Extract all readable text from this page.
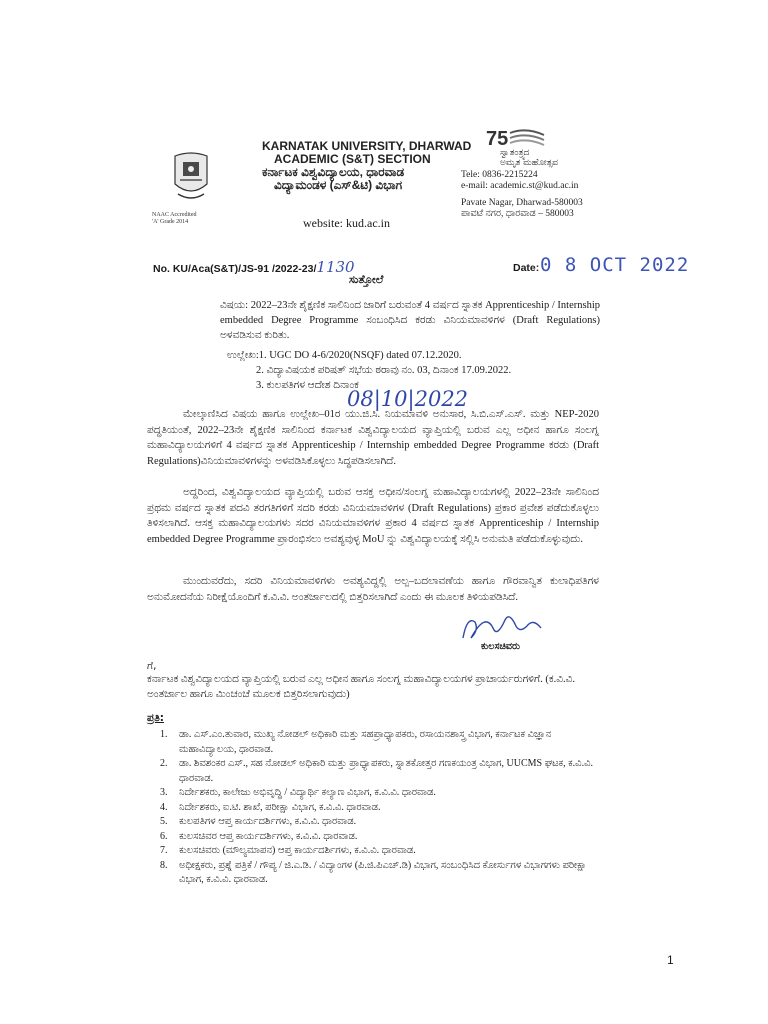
NAAC Accredited
'A' Grade 2014
KARNATAK UNIVERSITY, DHARWAD
ACADEMIC (S&T) SECTION
ಕರ್ನಾಟಕ ವಿಶ್ವವಿದ್ಯಾಲಯ, ಧಾರವಾಡ
ವಿದ್ಯಾಮಂಡಳ (ಎಸ್&ಟಿ) ವಿಭಾಗ
website: kud.ac.in
75
ಸ್ವಾತಂತ್ರ್ಯದ
ಅಮೃತ ಮಹೋತ್ಸವ
Tele: 0836-2215224
e-mail: academic.st@kud.ac.in
Pavate Nagar, Dharwad-580003
ಪಾವಟೆ ನಗರ, ಧಾರವಾಡ – 580003
No. KU/Aca(S&T)/JS-91 /2022-23/1130	Date: 0 8 OCT 2022
ಸುತ್ತೋಲೆ
ವಿಷಯ: 2022–23ನೇ ಶೈಕ್ಷಣಿಕ ಸಾಲಿನಿಂದ ಜಾರಿಗೆ ಬರುವಂತೆ 4 ವರ್ಷದ ಸ್ನಾತಕ Apprenticeship / Internship embedded Degree Programme ಸಂಬಂಧಿಸಿದ ಕರಡು ವಿನಿಯಮಾವಳಿಗಳ (Draft Regulations) ಅಳವಡಿಸುವ ಕುರಿತು.
ಉಲ್ಲೇಖ:1. UGC DO 4-6/2020(NSQF) dated 07.12.2020.
2. ವಿದ್ಯಾವಿಷಯಕ ಪರಿಷತ್ ಸಭೆಯ ಠರಾವು ನಂ. 03, ದಿನಾಂಕ 17.09.2022.
3. ಕುಲಪತಿಗಳ ಆದೇಶ ದಿನಾಂಕ
08|10|2022
ಮೇಲ್ಕಾಣಿಸಿದ ವಿಷಯ ಹಾಗೂ ಉಲ್ಲೇಖ–01ರ ಯು.ಜಿ.ಸಿ. ನಿಯಮಾವಳಿ ಅನುಸಾರ, ಸಿ.ಬಿ.ಎಸ್.ಎಸ್. ಮತ್ತು NEP-2020 ಪದ್ಧತಿಯಂತೆ, 2022–23ನೇ ಶೈಕ್ಷಣಿಕ ಸಾಲಿನಿಂದ ಕರ್ನಾಟಕ ವಿಶ್ವವಿದ್ಯಾಲಯದ ವ್ಯಾಪ್ತಿಯಲ್ಲಿ ಬರುವ ಎಲ್ಲ ಅಧೀನ ಹಾಗೂ ಸಂಲಗ್ನ ಮಹಾವಿದ್ಯಾಲಯಗಳಿಗೆ 4 ವರ್ಷದ ಸ್ನಾತಕ Apprenticeship / Internship embedded Degree Programme ಕರಡು (Draft Regulations)ವಿನಿಯಮಾವಳಿಗಳನ್ನು ಅಳವಡಿಸಿಕೊಳ್ಳಲು ಸಿದ್ಧಪಡಿಸಲಾಗಿದೆ.
ಅದ್ದರಿಂದ, ವಿಶ್ವವಿದ್ಯಾಲಯದ ವ್ಯಾಪ್ತಿಯಲ್ಲಿ ಬರುವ ಆಸಕ್ತ ಅಧೀನ/ಸಂಲಗ್ನ ಮಹಾವಿದ್ಯಾಲಯಗಳಲ್ಲಿ 2022–23ನೇ ಸಾಲಿನಿಂದ ಪ್ರಥಮ ವರ್ಷದ ಸ್ನಾತಕ ಪದವಿ ತರಗತಿಗಳಿಗೆ ಸದರಿ ಕರಡು ವಿನಿಯಮಾವಳಿಗಳ (Draft Regulations) ಪ್ರಕಾರ ಪ್ರವೇಶ ಪಡೆದುಕೊಳ್ಳಲು ತಿಳಿಸಲಾಗಿದೆ. ಆಸಕ್ತ ಮಹಾವಿದ್ಯಾಲಯಗಳು ಸದರ ವಿನಿಯಮಾವಳಿಗಳ ಪ್ರಕಾರ 4 ವರ್ಷದ ಸ್ನಾತಕ Apprenticeship / Internship embedded Degree Programme ಪ್ರಾರಂಭಿಸಲು ಅವಶ್ಯವುಳ್ಳ MoU ನ್ನು ವಿಶ್ವವಿದ್ಯಾಲಯಕ್ಕೆ ಸಲ್ಲಿಸಿ ಅನುಮತಿ ಪಡೆದುಕೊಳ್ಳುವುದು.
ಮುಂದುವರೆದು, ಸದರಿ ವಿನಿಯಮಾವಳಿಗಳು ಅವಶ್ಯವಿದ್ದಲ್ಲಿ ಅಲ್ಪ–ಬದಲಾವಣೆಯ ಹಾಗೂ ಗೌರವಾನ್ವಿತ ಕುಲಾಧಿಪತಿಗಳ ಅನುಮೋದನೆಯ ನಿರೀಕ್ಷೆಯೊಂದಿಗೆ ಕ.ವಿ.ವಿ. ಅಂತರ್ಜಾಲದಲ್ಲಿ ಬಿತ್ತರಿಸಲಾಗಿದೆ ಎಂದು ಈ ಮೂಲಕ ತಿಳಿಯಪಡಿಸಿದೆ.
ಕುಲಸಚಿವರು
ಗೆ,
ಕರ್ನಾಟಕ ವಿಶ್ವವಿದ್ಯಾಲಯದ ವ್ಯಾಪ್ತಿಯಲ್ಲಿ ಬರುವ ಎಲ್ಲ ಅಧೀನ ಹಾಗೂ ಸಂಲಗ್ನ ಮಹಾವಿದ್ಯಾಲಯಗಳ ಪ್ರಾಚಾರ್ಯರುಗಳಿಗೆ. (ಕ.ವಿ.ವಿ. ಅಂತರ್ಜಾಲ ಹಾಗೂ ಮಿಂಚಂಚೆ ಮೂಲಕ ಬಿತ್ತರಿಸಲಾಗುವುದು)
ಪ್ರತಿ:
1.	ಡಾ. ಎಸ್.ಎಂ.ತುವಾರ, ಮುಖ್ಯ ನೋಡಲ್ ಅಧಿಕಾರಿ ಮತ್ತು ಸಹಪ್ರಾಧ್ಯಾಪಕರು, ರಸಾಯನಶಾಸ್ತ್ರ ವಿಭಾಗ, ಕರ್ನಾಟಕ ವಿಜ್ಞಾನ ಮಹಾವಿದ್ಯಾಲಯ, ಧಾರವಾಡ.
2.	ಡಾ. ಶಿವಶಂಕರ ಎಸ್., ಸಹ ನೋಡಲ್ ಅಧಿಕಾರಿ ಮತ್ತು ಪ್ರಾಧ್ಯಾಪಕರು, ಸ್ನಾತಕೋತ್ತರ ಗಣಕಯಂತ್ರ ವಿಭಾಗ, UUCMS ಘಟಕ, ಕ.ವಿ.ವಿ. ಧಾರವಾಡ.
3.	ನಿರ್ದೇಶಕರು, ಕಾಲೇಜು ಅಭಿವೃದ್ಧಿ / ವಿದ್ಯಾರ್ಥಿ ಕಲ್ಯಾಣ ವಿಭಾಗ, ಕ.ವಿ.ವಿ. ಧಾರವಾಡ.
4.	ನಿರ್ದೇಶಕರು, ಐ.ಟಿ. ಶಾಖೆ, ಪರೀಕ್ಷಾ ವಿಭಾಗ, ಕ.ವಿ.ವಿ. ಧಾರವಾಡ.
5.	ಕುಲಪತಿಗಳ ಆಪ್ತ ಕಾರ್ಯದರ್ಶಿಗಳು, ಕ.ವಿ.ವಿ. ಧಾರವಾಡ.
6.	ಕುಲಸಚಿವರ ಆಪ್ತ ಕಾರ್ಯದರ್ಶಿಗಳು, ಕ.ವಿ.ವಿ. ಧಾರವಾಡ.
7.	ಕುಲಸಚಿವರು (ಮೌಲ್ಯಮಾಪನ) ಆಪ್ತ ಕಾರ್ಯದರ್ಶಿಗಳು, ಕ.ವಿ.ವಿ. ಧಾರವಾಡ.
8.	ಅಧೀಕ್ಷಕರು, ಪ್ರಶ್ನೆ ಪತ್ರಿಕೆ / ಗೌಪ್ಯ / ಜಿ.ಎ.ಡಿ. / ವಿದ್ಯಾಂಗಳ (ಪಿ.ಜಿ.ಪಿಎಚ್.ಡಿ) ವಿಭಾಗ, ಸಂಬಂಧಿಸಿದ ಕೋರ್ಸುಗಳ ವಿಭಾಗಗಳು ಪರೀಕ್ಷಾ ವಿಭಾಗ, ಕ.ವಿ.ವಿ. ಧಾರವಾಡ.
1
